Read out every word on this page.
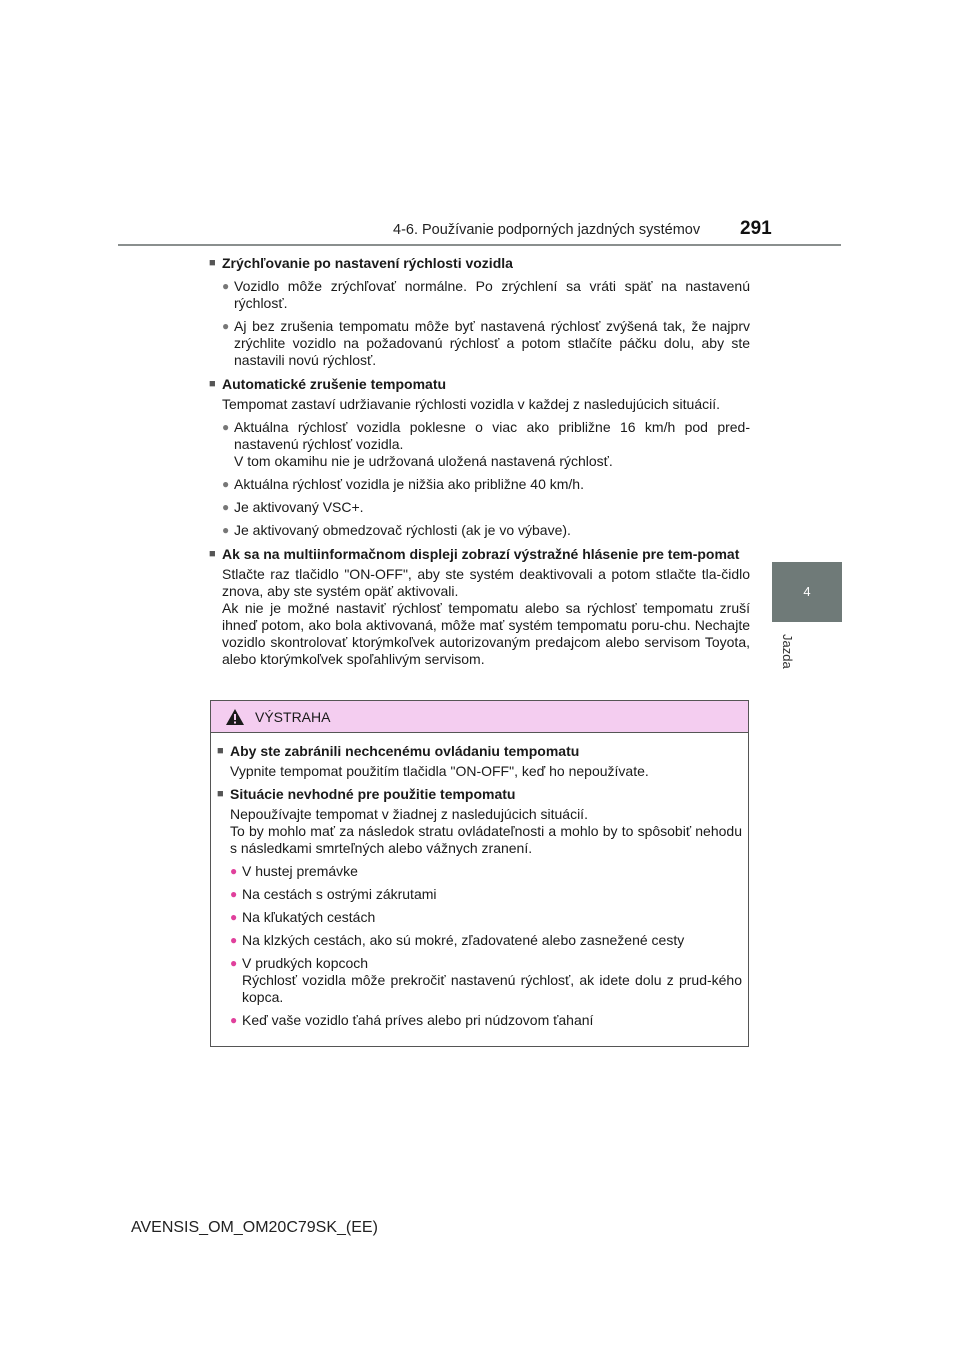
4-6. Používanie podporných jazdných systémov 291
4
Jazda
■ Zrýchľovanie po nastavení rýchlosti vozidla
● Vozidlo môže zrýchľovať normálne. Po zrýchlení sa vráti späť na nastavenú rýchlosť.
● Aj bez zrušenia tempomatu môže byť nastavená rýchlosť zvýšená tak, že najprv zrýchlite vozidlo na požadovanú rýchlosť a potom stlačíte páčku dolu, aby ste nastavili novú rýchlosť.
■ Automatické zrušenie tempomatu
Tempomat zastaví udržiavanie rýchlosti vozidla v každej z nasledujúcich situácií.
● Aktuálna rýchlosť vozidla poklesne o viac ako približne 16 km/h pod pred-nastavenú rýchlosť vozidla.
V tom okamihu nie je udržovaná uložená nastavená rýchlosť.
● Aktuálna rýchlosť vozidla je nižšia ako približne 40 km/h.
● Je aktivovaný VSC+.
● Je aktivovaný obmedzovač rýchlosti (ak je vo výbave).
■ Ak sa na multiinformačnom displeji zobrazí výstražné hlásenie pre tem-pomat
Stlačte raz tlačidlo "ON-OFF", aby ste systém deaktivovali a potom stlačte tla-čidlo znova, aby ste systém opäť aktivovali.
Ak nie je možné nastaviť rýchlosť tempomatu alebo sa rýchlosť tempomatu zruší ihneď potom, ako bola aktivovaná, môže mať systém tempomatu poru-chu. Nechajte vozidlo skontrolovať ktorýmkoľvek autorizovaným predajcom alebo servisom Toyota, alebo ktorýmkoľvek spoľahlivým servisom.
VÝSTRAHA
■ Aby ste zabránili nechcenému ovládaniu tempomatu
Vypnite tempomat použitím tlačidla "ON-OFF", keď ho nepoužívate.
■ Situácie nevhodné pre použitie tempomatu
Nepoužívajte tempomat v žiadnej z nasledujúcich situácií.
To by mohlo mať za následok stratu ovládateľnosti a mohlo by to spôsobiť nehodu s následkami smrteľných alebo vážnych zranení.
● V hustej premávke
● Na cestách s ostrými zákrutami
● Na kľukatých cestách
● Na klzkých cestách, ako sú mokré, zľadovatené alebo zasnežené cesty
● V prudkých kopcoch
Rýchlosť vozidla môže prekročiť nastavenú rýchlosť, ak idete dolu z prud-kého kopca.
● Keď vaše vozidlo ťahá príves alebo pri núdzovom ťahaní
AVENSIS_OM_OM20C79SK_(EE)
